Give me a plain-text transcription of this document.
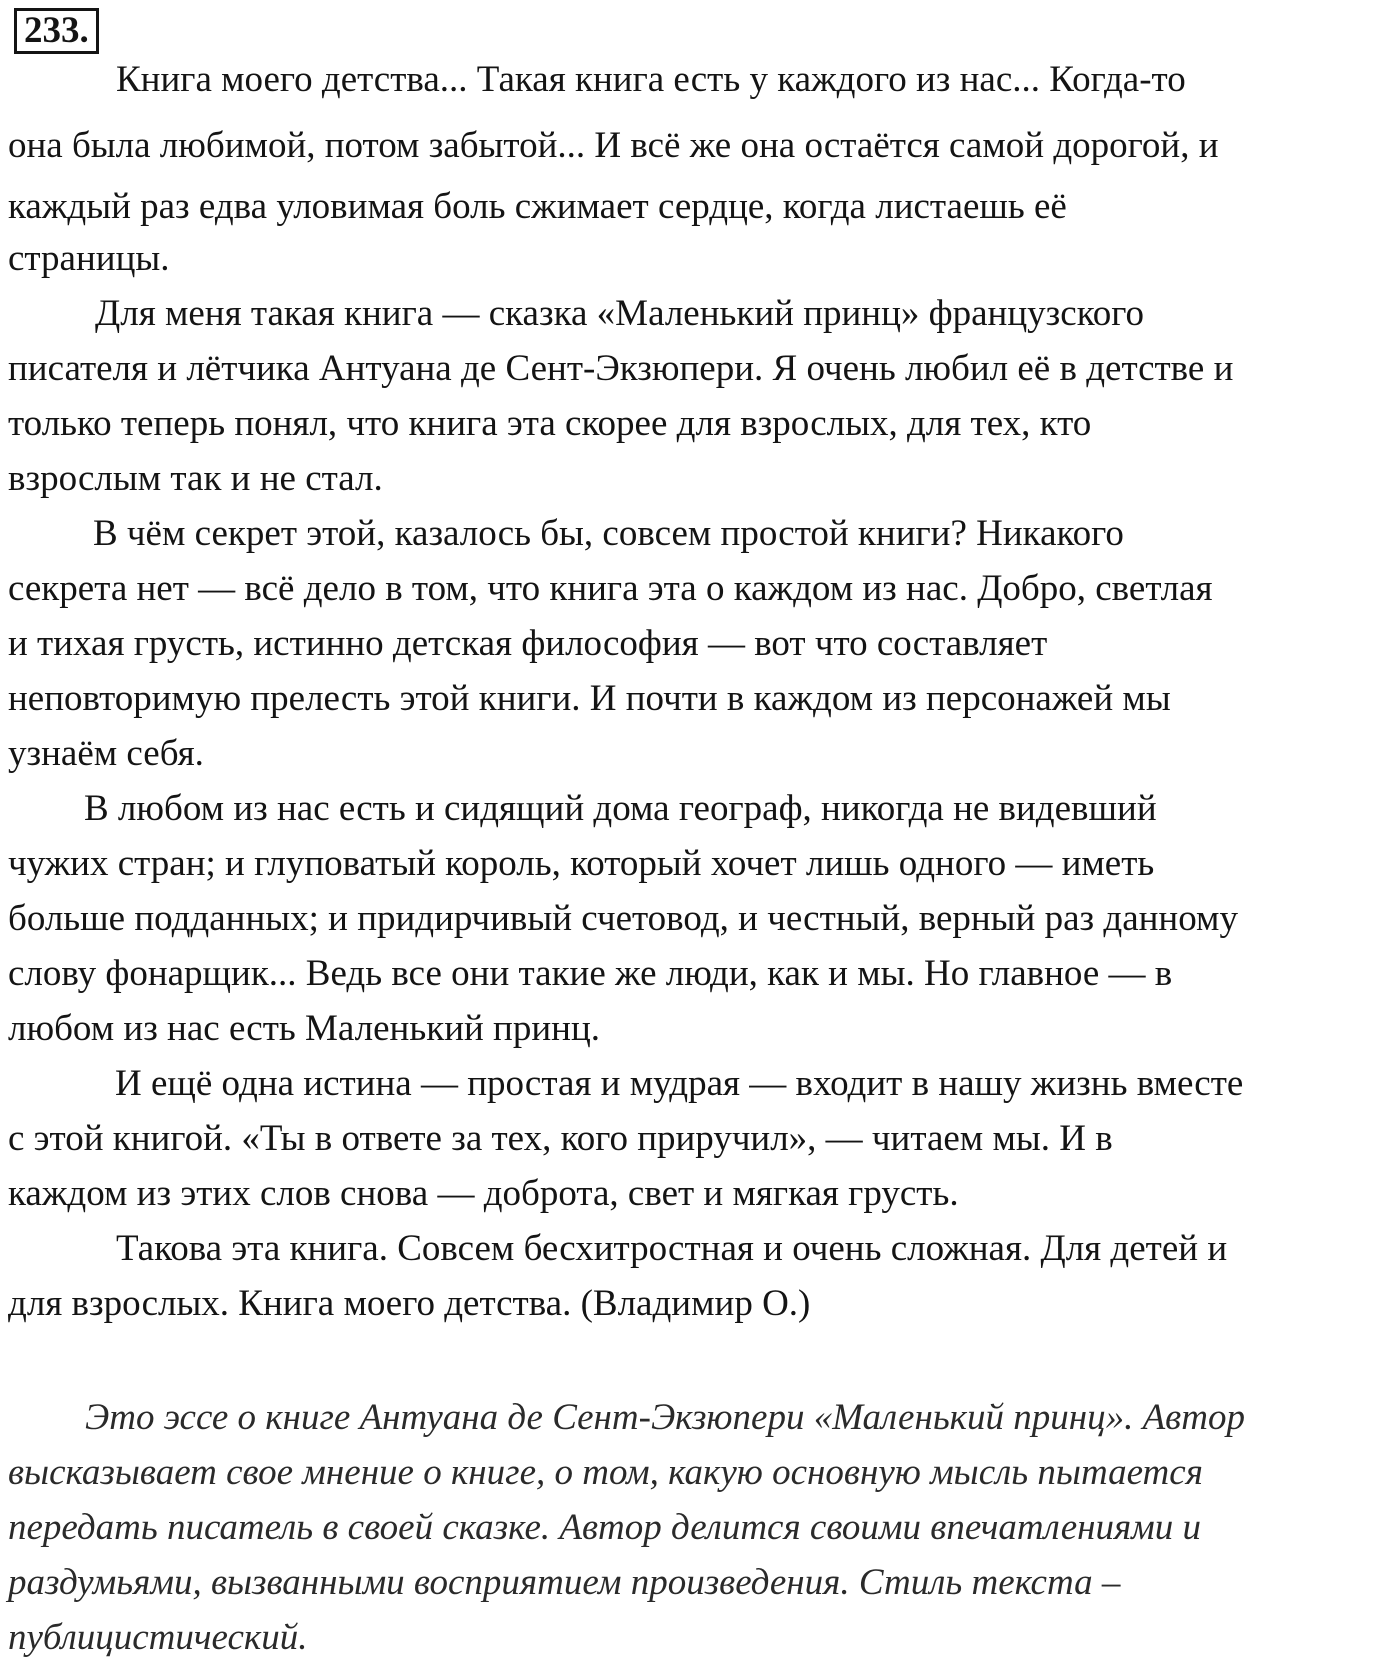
233.
Книга моего детства... Такая книга есть у каждого из нас... Когда-то
она была любимой, потом забытой... И всё же она остаётся самой дорогой, и
каждый раз едва уловимая боль сжимает сердце, когда листаешь её
страницы.
Для меня такая книга — сказка «Маленький принц» французского
писателя и лётчика Антуана де Сент-Экзюпери. Я очень любил её в детстве и
только теперь понял, что книга эта скорее для взрослых, для тех, кто
взрослым так и не стал.
В чём секрет этой, казалось бы, совсем простой книги? Никакого
секрета нет — всё дело в том, что книга эта о каждом из нас. Добро, светлая
и тихая грусть, истинно детская философия — вот что составляет
неповторимую прелесть этой книги. И почти в каждом из персонажей мы
узнаём себя.
В любом из нас есть и сидящий дома географ, никогда не видевший
чужих стран; и глуповатый король, который хочет лишь одного — иметь
больше подданных; и придирчивый счетовод, и честный, верный раз данному
слову фонарщик... Ведь все они такие же люди, как и мы. Но главное — в
любом из нас есть Маленький принц.
И ещё одна истина — простая и мудрая — входит в нашу жизнь вместе
с этой книгой. «Ты в ответе за тех, кого приручил», — читаем мы. И в
каждом из этих слов снова — доброта, свет и мягкая грусть.
Такова эта книга. Совсем бесхитростная и очень сложная. Для детей и
для взрослых. Книга моего детства. (Владимир О.)
Это эссе о книге Антуана де Сент-Экзюпери «Маленький принц». Автор
высказывает свое мнение о книге, о том, какую основную мысль пытается
передать писатель в своей сказке. Автор делится своими впечатлениями и
раздумьями, вызванными восприятием произведения. Стиль текста –
публицистический.
